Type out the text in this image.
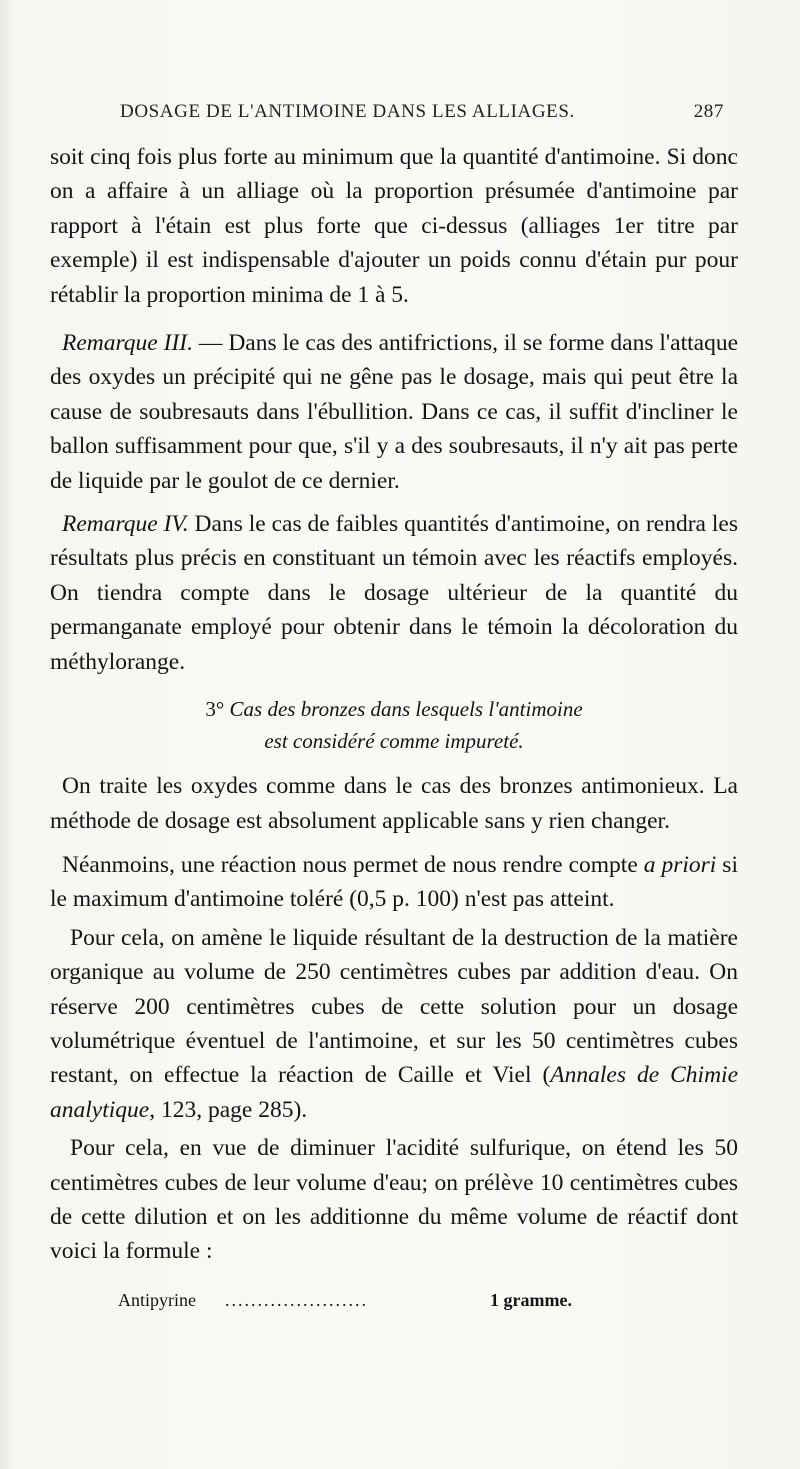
DOSAGE DE L'ANTIMOINE DANS LES ALLIAGES.	287

soit cinq fois plus forte au minimum que la quantité d'antimoine. Si donc on a affaire à un alliage où la proportion présumée d'antimoine par rapport à l'étain est plus forte que ci-dessus (alliages 1er titre par exemple) il est indispensable d'ajouter un poids connu d'étain pur pour rétablir la proportion minima de 1 à 5.

Remarque III. — Dans le cas des antifrictions, il se forme dans l'attaque des oxydes un précipité qui ne gêne pas le dosage, mais qui peut être la cause de soubresauts dans l'ébullition. Dans ce cas, il suffit d'incliner le ballon suffisamment pour que, s'il y a des soubresauts, il n'y ait pas perte de liquide par le goulot de ce dernier.

Remarque IV. Dans le cas de faibles quantités d'antimoine, on rendra les résultats plus précis en constituant un témoin avec les réactifs employés. On tiendra compte dans le dosage ultérieur de la quantité du permanganate employé pour obtenir dans le témoin la décoloration du méthylorange.

3° Cas des bronzes dans lesquels l'antimoine
est considéré comme impureté.

On traite les oxydes comme dans le cas des bronzes antimonieux. La méthode de dosage est absolument applicable sans y rien changer.

Néanmoins, une réaction nous permet de nous rendre compte a priori si le maximum d'antimoine toléré (0,5 p. 100) n'est pas atteint.

Pour cela, on amène le liquide résultant de la destruction de la matière organique au volume de 250 centimètres cubes par addition d'eau. On réserve 200 centimètres cubes de cette solution pour un dosage volumétrique éventuel de l'antimoine, et sur les 50 centimètres cubes restant, on effectue la réaction de Caille et Viel (Annales de Chimie analytique, 123, page 285).

Pour cela, en vue de diminuer l'acidité sulfurique, on étend les 50 centimètres cubes de leur volume d'eau; on prélève 10 centimètres cubes de cette dilution et on les additionne du même volume de réactif dont voici la formule :

Antipyrine ......................	1 gramme.
